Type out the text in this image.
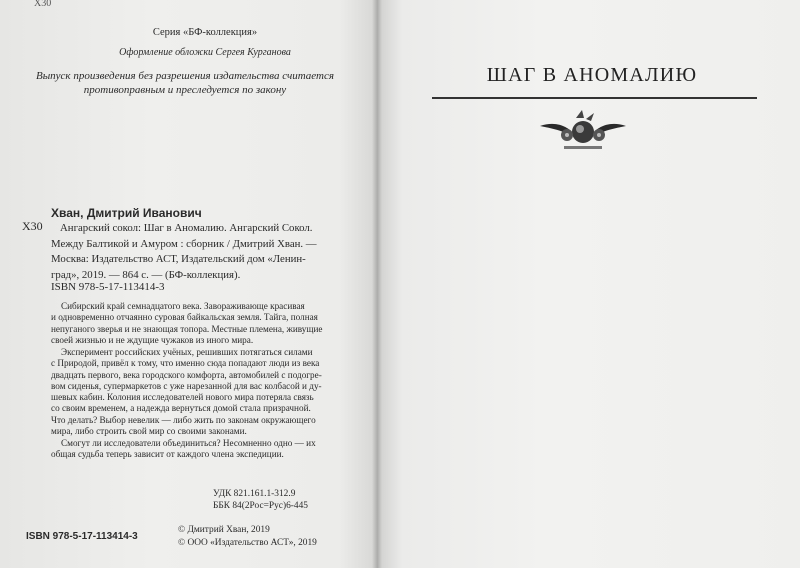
Х30
Серия «БФ-коллекция»
Оформление обложки Сергея Курганова
Выпуск произведения без разрешения издательства считается
противоправным и преследуется по закону
Хван, Дмитрий Иванович
Х30	Ангарский сокол: Шаг в Аномалию. Ангарский Сокол.
Между Балтикой и Амуром : сборник / Дмитрий Хван. —
Москва: Издательство АСТ, Издательский дом «Ленин-
град», 2019. — 864 с. — (БФ-коллекция).
ISBN 978-5-17-113414-3
Сибирский край семнадцатого века. Завораживающе красивая
и одновременно отчаянно суровая байкальская земля. Тайга, полная
непуганого зверья и не знающая топора. Местные племена, живущие
своей жизнью и не ждущие чужаков из иного мира.
Эксперимент российских учёных, решивших потягаться силами
с Природой, привёл к тому, что именно сюда попадают люди из века
двадцать первого, века городского комфорта, автомобилей с подогре-
вом сиденья, супермаркетов с уже нарезанной для вас колбасой и ду-
шевых кабин. Колония исследователей нового мира потеряла связь
со своим временем, а надежда вернуться домой стала призрачной.
Что делать? Выбор невелик — либо жить по законам окружающего
мира, либо строить свой мир со своими законами.
Смогут ли исследователи объединиться? Несомненно одно — их
общая судьба теперь зависит от каждого члена экспедиции.
УДК 821.161.1-312.9
ББК 84(2Рос=Рус)6-445
ISBN 978-5-17-113414-3
© Дмитрий Хван, 2019
© ООО «Издательство АСТ», 2019
ШАГ В АНОМАЛИЮ
